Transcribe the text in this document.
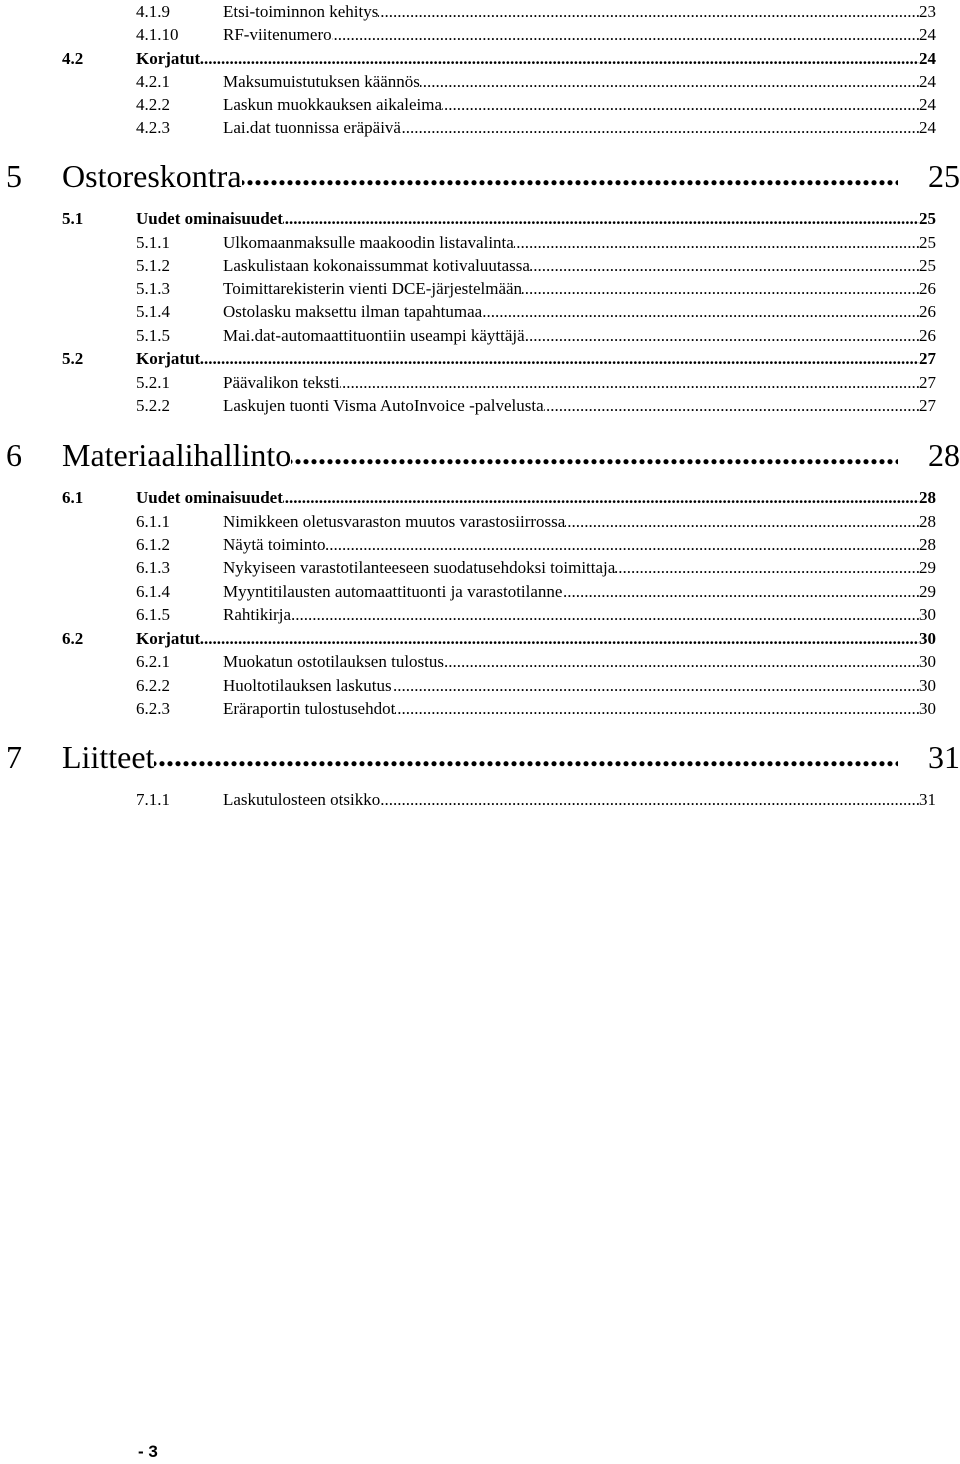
.....
4.1.9	Etsi-toiminnon kehitys	23
.....
4.1.10	RF-viitenumero	24
.....
4.2	Korjatut	24
.....
4.2.1	Maksumuistutuksen käännös	24
.....
4.2.2	Laskun muokkauksen aikaleima	24
.....
4.2.3	Lai.dat tuonnissa eräpäivä	24
.....
5 Ostoreskontra	25
.....
5.1	Uudet ominaisuudet	25
.....
5.1.1	Ulkomaanmaksulle maakoodin listavalinta	25
.....
5.1.2	Laskulistaan kokonaissummat kotivaluutassa	25
.....
5.1.3	Toimittarekisterin vienti DCE-järjestelmään	26
.....
5.1.4	Ostolasku maksettu ilman tapahtumaa	26
.....
5.1.5	Mai.dat-automaattituontiin useampi käyttäjä	26
.....
5.2	Korjatut	27
.....
5.2.1	Päävalikon teksti	27
.....
5.2.2	Laskujen tuonti Visma AutoInvoice -palvelusta	27
.....
6 Materiaalihallinto	28
.....
6.1	Uudet ominaisuudet	28
.....
6.1.1	Nimikkeen oletusvaraston muutos varastosiirrossa	28
.....
6.1.2	Näytä toiminto	28
.....
6.1.3	Nykyiseen varastotilanteeseen suodatusehdoksi toimittaja	29
.....
6.1.4	Myyntitilausten automaattituonti ja varastotilanne	29
.....
6.1.5	Rahtikirja	30
.....
6.2	Korjatut	30
.....
6.2.1	Muokatun ostotilauksen tulostus	30
.....
6.2.2	Huoltotilauksen laskutus	30
.....
6.2.3	Eräraportin tulostusehdot	30
.....
7 Liitteet	31
.....
7.1.1	Laskutulosteen otsikko	31
- 3
